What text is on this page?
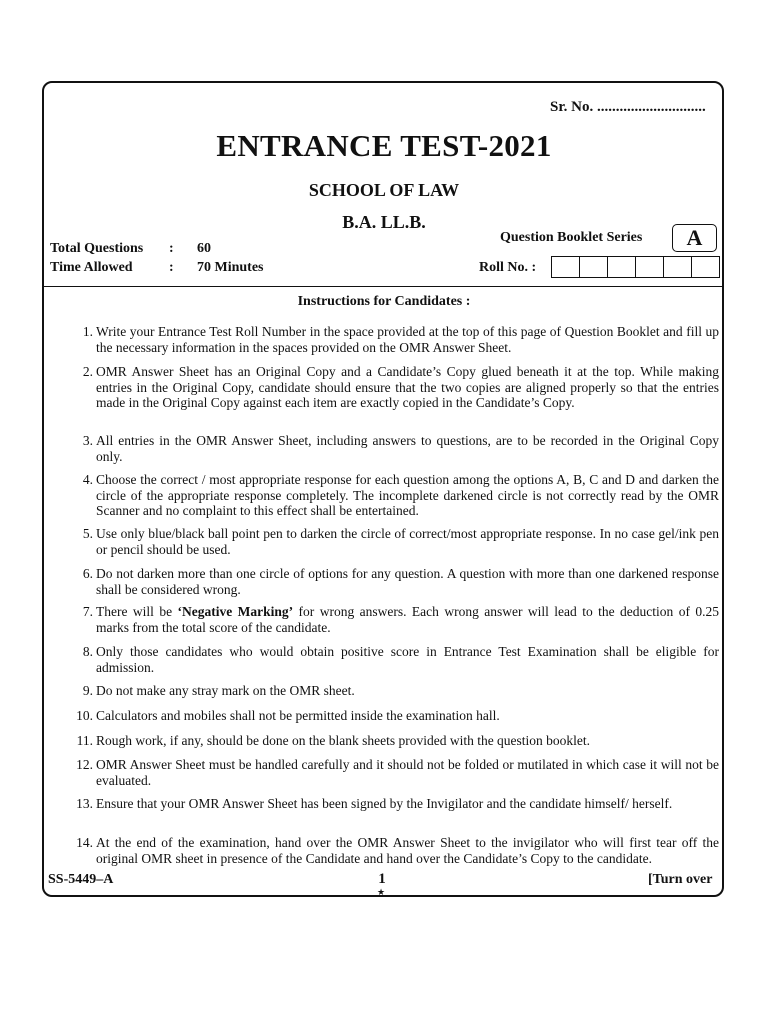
Sr. No. .............................
ENTRANCE TEST-2021
SCHOOL OF LAW
B.A. LL.B.
Total Questions : 60
Time Allowed	: 70 Minutes
Question Booklet Series	A
Roll No. :
Instructions for Candidates :
1. Write your Entrance Test Roll Number in the space provided at the top of this page of Question Booklet and fill up the necessary information in the spaces provided on the OMR Answer Sheet.
2. OMR Answer Sheet has an Original Copy and a Candidate’s Copy glued beneath it at the top. While making entries in the Original Copy, candidate should ensure that the two copies are aligned properly so that the entries made in the Original Copy against each item are exactly copied in the Candidate’s Copy.
3. All entries in the OMR Answer Sheet, including answers to questions, are to be recorded in the Original Copy only.
4. Choose the correct / most appropriate response for each question among the options A, B, C and D and darken the circle of the appropriate response completely. The incomplete darkened circle is not correctly read by the OMR Scanner and no complaint to this effect shall be entertained.
5. Use only blue/black ball point pen to darken the circle of correct/most appropriate response. In no case gel/ink pen or pencil should be used.
6. Do not darken more than one circle of options for any question. A question with more than one darkened response shall be considered wrong.
7. There will be ‘Negative Marking’ for wrong answers. Each wrong answer will lead to the deduction of 0.25 marks from the total score of the candidate.
8. Only those candidates who would obtain positive score in Entrance Test Examination shall be eligible for admission.
9. Do not make any stray mark on the OMR sheet.
10. Calculators and mobiles shall not be permitted inside the examination hall.
11. Rough work, if any, should be done on the blank sheets provided with the question booklet.
12. OMR Answer Sheet must be handled carefully and it should not be folded or mutilated in which case it will not be evaluated.
13. Ensure that your OMR Answer Sheet has been signed by the Invigilator and the candidate himself/ herself.
14. At the end of the examination, hand over the OMR Answer Sheet to the invigilator who will first tear off the original OMR sheet in presence of the Candidate and hand over the Candidate’s Copy to the candidate.
SS-5449–A	1
★
[Turn over
